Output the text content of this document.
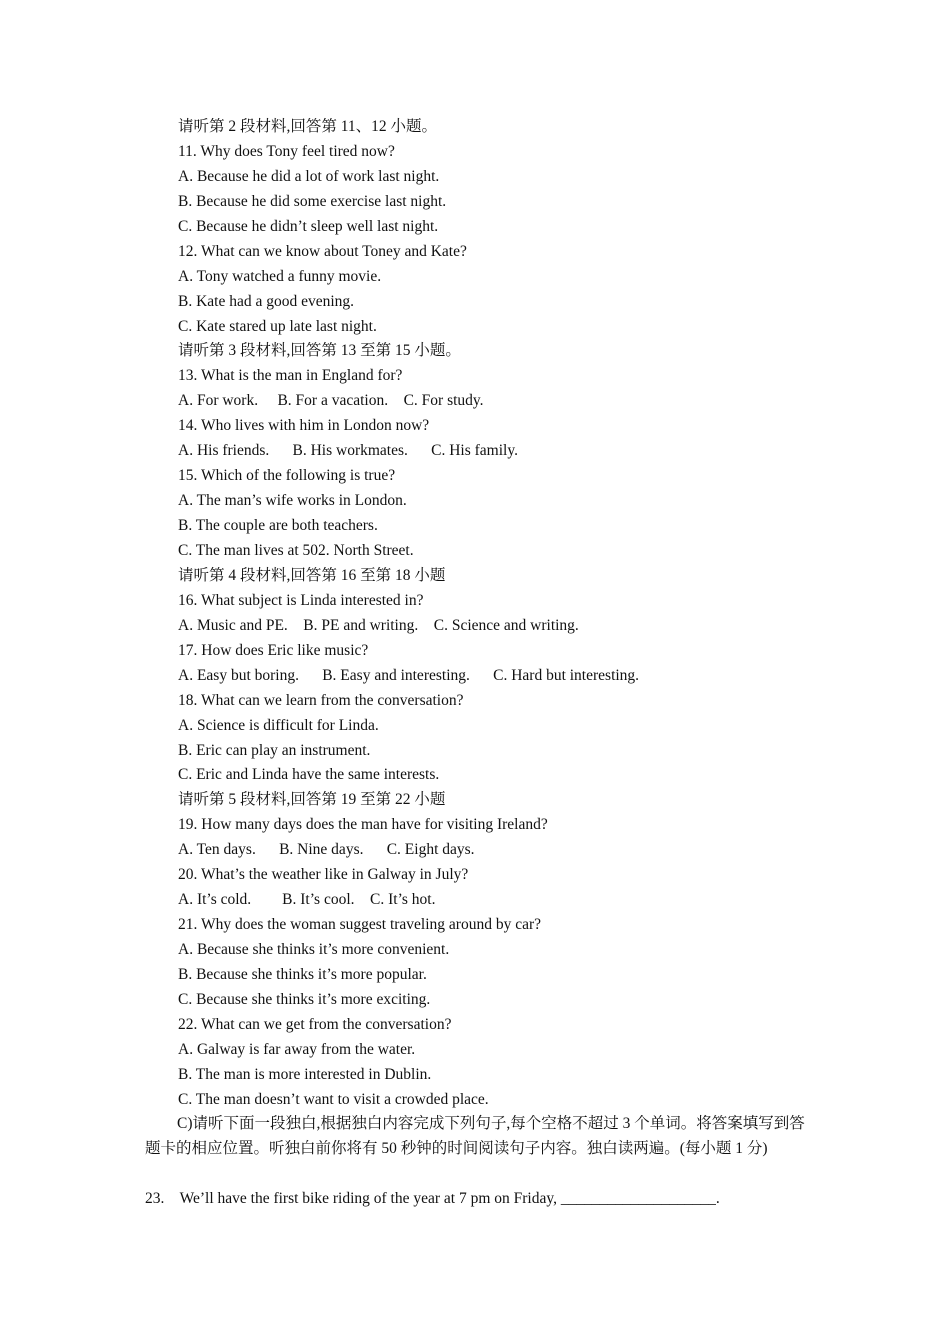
请听第 2 段材料,回答第 11、12 小题。
11. Why does Tony feel tired now?
A. Because he did a lot of work last night.
B. Because he did some exercise last night.
C. Because he didn’t sleep well last night.
12. What can we know about Toney and Kate?
A. Tony watched a funny movie.
B. Kate had a good evening.
C. Kate stared up late last night.
请听第 3 段材料,回答第 13 至第 15 小题。
13. What is the man in England for?
A. For work.     B. For a vacation.    C. For study.
14. Who lives with him in London now?
A. His friends.      B. His workmates.      C. His family.
15. Which of the following is true?
A. The man’s wife works in London.
B. The couple are both teachers.
C. The man lives at 502. North Street.
请听第 4 段材料,回答第 16 至第 18 小题
16. What subject is Linda interested in?
A. Music and PE.    B. PE and writing.    C. Science and writing.
17. How does Eric like music?
A. Easy but boring.      B. Easy and interesting.      C. Hard but interesting.
18. What can we learn from the conversation?
A. Science is difficult for Linda.
B. Eric can play an instrument.
C. Eric and Linda have the same interests.
请听第 5 段材料,回答第 19 至第 22 小题
19. How many days does the man have for visiting Ireland?
A. Ten days.      B. Nine days.      C. Eight days.
20. What’s the weather like in Galway in July?
A. It’s cold.        B. It’s cool.    C. It’s hot.
21. Why does the woman suggest traveling around by car?
A. Because she thinks it’s more convenient.
B. Because she thinks it’s more popular.
C. Because she thinks it’s more exciting.
22. What can we get from the conversation?
A. Galway is far away from the water.
B. The man is more interested in Dublin.
C. The man doesn’t want to visit a crowded place.
C)请听下面一段独白,根据独白内容完成下列句子,每个空格不超过 3 个单词。将答案填写到答题卡的相应位置。听独白前你将有 50 秒钟的时间阅读句子内容。独白读两遍。(每小题 1 分)
23.    We’ll have the first bike riding of the year at 7 pm on Friday, ____________________.
